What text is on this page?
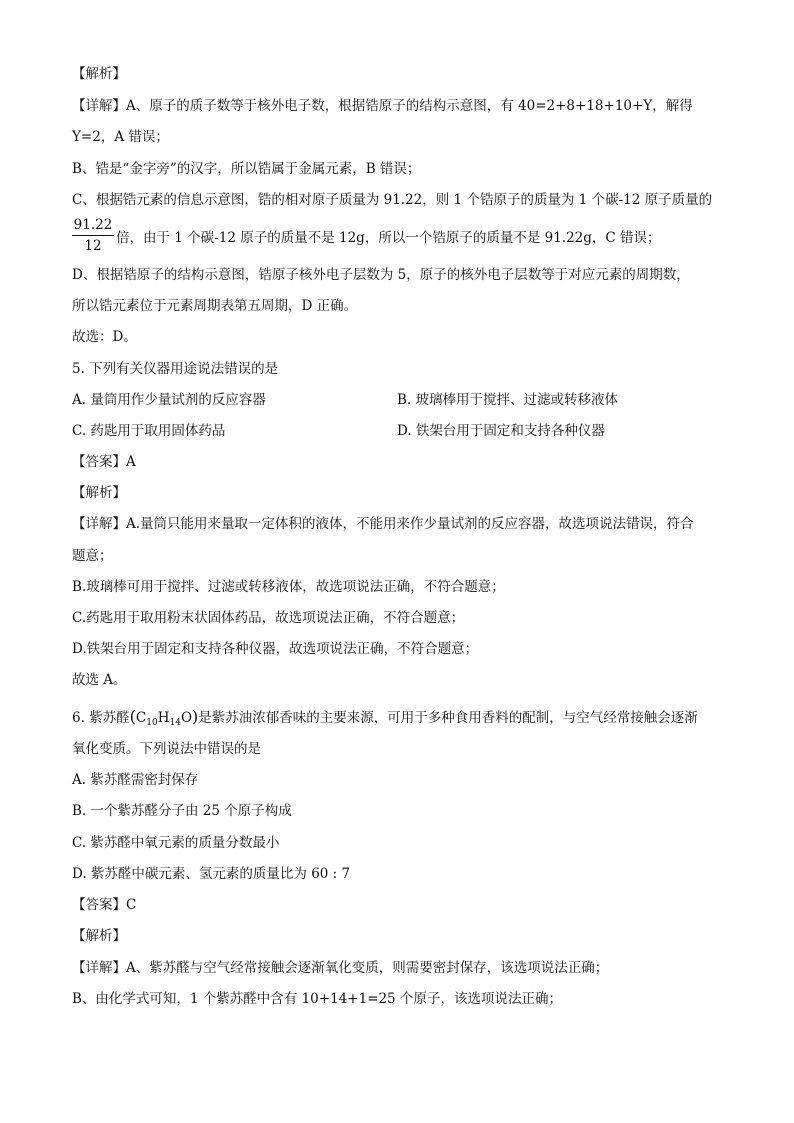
【解析】
【详解】A、原子的质子数等于核外电子数，根据锆原子的结构示意图，有 40=2+8+18+10+Y，解得
Y=2，A 错误；
B、锆是“金字旁”的汉字，所以锆属于金属元素，B 错误；
C、根据锆元素的信息示意图，锆的相对原子质量为 91.22，则 1 个锆原子的质量为 1 个碳-12 原子质量的
91.22
12	倍，由于 1 个碳-12 原子的质量不是 12g，所以一个锆原子的质量不是 91.22g，C 错误；
D、根据锆原子的结构示意图，锆原子核外电子层数为 5，原子的核外电子层数等于对应元素的周期数，
所以锆元素位于元素周期表第五周期，D 正确。
故选：D。
5. 下列有关仪器用途说法错误的是
A. 量筒用作少量试剂的反应容器	B. 玻璃棒用于搅拌、过滤或转移液体
C. 药匙用于取用固体药品	D. 铁架台用于固定和支持各种仪器
【答案】A
【解析】
【详解】A.量筒只能用来量取一定体积的液体，不能用来作少量试剂的反应容器，故选项说法错误，符合
题意；
B.玻璃棒可用于搅拌、过滤或转移液体，故选项说法正确，不符合题意；
C.药匙用于取用粉末状固体药品，故选项说法正确，不符合题意；
D.铁架台用于固定和支持各种仪器，故选项说法正确，不符合题意；
故选 A。
6. 紫苏醛$(C_{10}H_{14}O)$是紫苏油浓郁香味的主要来源，可用于多种食用香料的配制，与空气经常接触会逐渐
氧化变质。下列说法中错误的是
A. 紫苏醛需密封保存
B. 一个紫苏醛分子由 25 个原子构成
C. 紫苏醛中氧元素的质量分数最小
D. 紫苏醛中碳元素、氢元素的质量比为 60 : 7
【答案】C
【解析】
【详解】A、紫苏醛与空气经常接触会逐渐氧化变质，则需要密封保存，该选项说法正确；
B、由化学式可知，1 个紫苏醛中含有 10+14+1=25 个原子，该选项说法正确；
